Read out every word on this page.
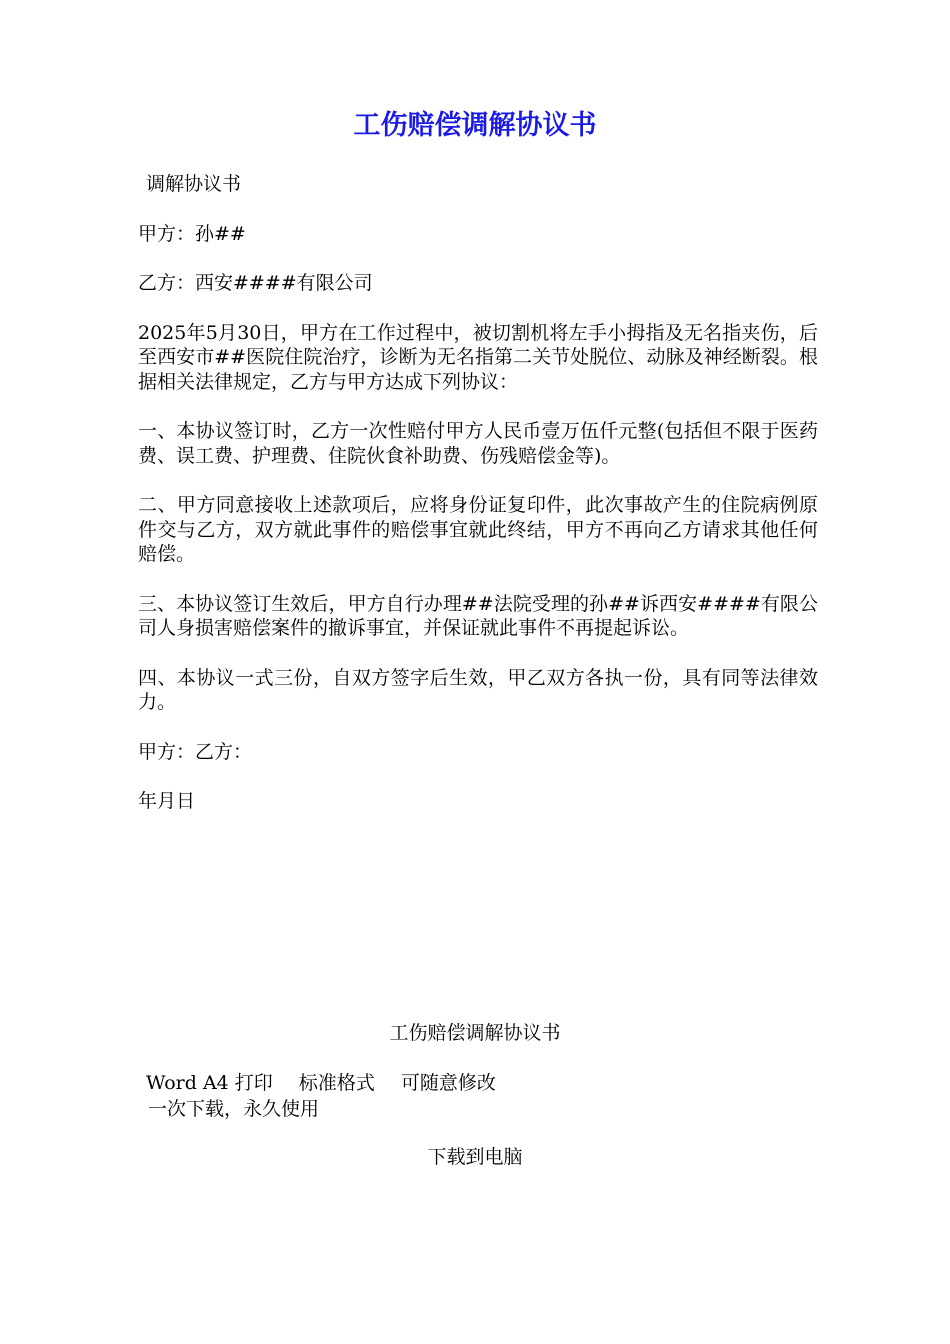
工伤赔偿调解协议书

调解协议书

甲方：孙##

乙方：西安####有限公司

2025年5月30日，甲方在工作过程中，被切割机将左手小拇指及无名指夹伤，后至西安市##医院住院治疗，诊断为无名指第二关节处脱位、动脉及神经断裂。根据相关法律规定，乙方与甲方达成下列协议：

一、本协议签订时，乙方一次性赔付甲方人民币壹万伍仟元整(包括但不限于医药费、误工费、护理费、住院伙食补助费、伤残赔偿金等)。

二、甲方同意接收上述款项后，应将身份证复印件，此次事故产生的住院病例原件交与乙方，双方就此事件的赔偿事宜就此终结，甲方不再向乙方请求其他任何赔偿。

三、本协议签订生效后，甲方自行办理##法院受理的孙##诉西安####有限公司人身损害赔偿案件的撤诉事宜，并保证就此事件不再提起诉讼。

四、本协议一式三份，自双方签字后生效，甲乙双方各执一份，具有同等法律效力。

甲方：乙方：

年月日

工伤赔偿调解协议书
Word A4 打印 标准格式 可随意修改
一次下载，永久使用
下载到电脑
